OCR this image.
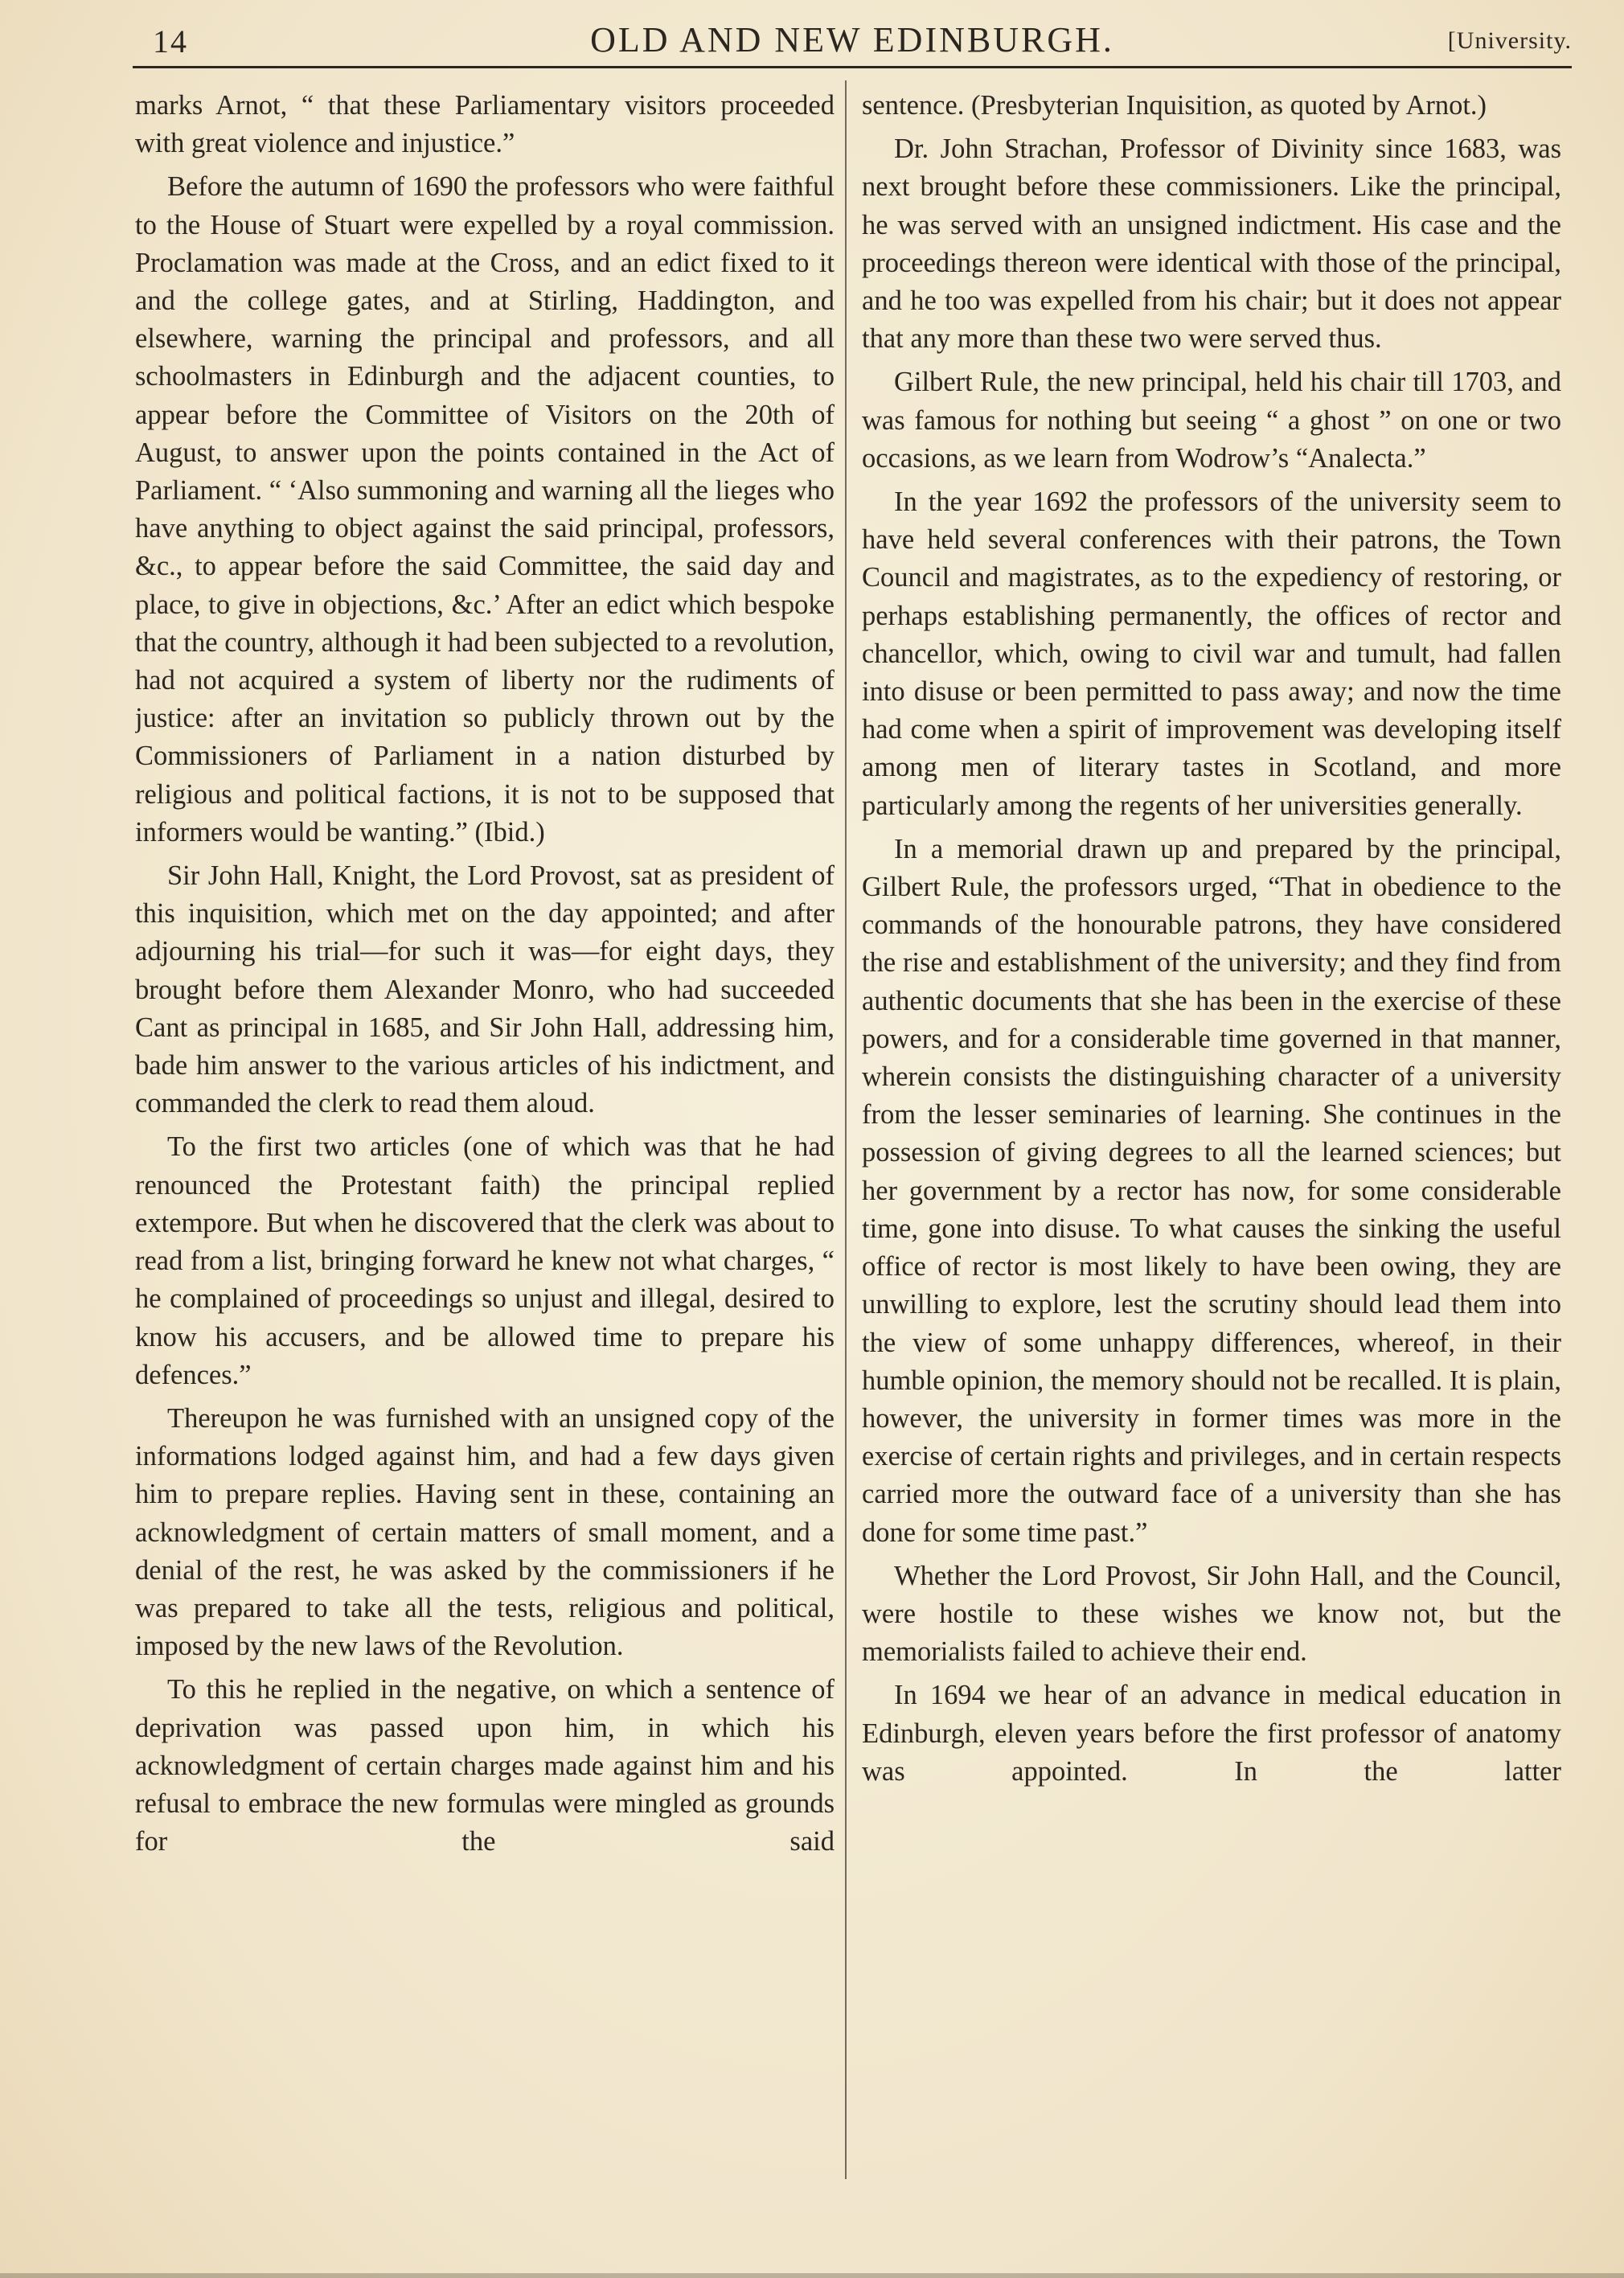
14	OLD AND NEW EDINBURGH.	[University.

marks Arnot, “ that these Parliamentary visitors proceeded with great violence and injustice.”

Before the autumn of 1690 the professors who were faithful to the House of Stuart were expelled by a royal commission. Proclamation was made at the Cross, and an edict fixed to it and the college gates, and at Stirling, Haddington, and elsewhere, warning the principal and professors, and all schoolmasters in Edinburgh and the adjacent counties, to appear before the Committee of Visitors on the 20th of August, to answer upon the points contained in the Act of Parliament. “ ‘Also summoning and warning all the lieges who have anything to object against the said principal, professors, &c., to appear before the said Committee, the said day and place, to give in objections, &c.’ After an edict which bespoke that the country, although it had been subjected to a revolution, had not acquired a system of liberty nor the rudiments of justice: after an invitation so publicly thrown out by the Commissioners of Parliament in a nation disturbed by religious and political factions, it is not to be supposed that informers would be wanting.” (Ibid.)

Sir John Hall, Knight, the Lord Provost, sat as president of this inquisition, which met on the day appointed; and after adjourning his trial—for such it was—for eight days, they brought before them Alexander Monro, who had succeeded Cant as principal in 1685, and Sir John Hall, addressing him, bade him answer to the various articles of his indictment, and commanded the clerk to read them aloud.

To the first two articles (one of which was that he had renounced the Protestant faith) the principal replied extempore. But when he discovered that the clerk was about to read from a list, bringing forward he knew not what charges, “ he complained of proceedings so unjust and illegal, desired to know his accusers, and be allowed time to prepare his defences.”

Thereupon he was furnished with an unsigned copy of the informations lodged against him, and had a few days given him to prepare replies. Having sent in these, containing an acknowledgment of certain matters of small moment, and a denial of the rest, he was asked by the commissioners if he was prepared to take all the tests, religious and political, imposed by the new laws of the Revolution.

To this he replied in the negative, on which a sentence of deprivation was passed upon him, in which his acknowledgment of certain charges made against him and his refusal to embrace the new formulas were mingled as grounds for the said

sentence. (Presbyterian Inquisition, as quoted by Arnot.)

Dr. John Strachan, Professor of Divinity since 1683, was next brought before these commissioners. Like the principal, he was served with an unsigned indictment. His case and the proceedings thereon were identical with those of the principal, and he too was expelled from his chair; but it does not appear that any more than these two were served thus.

Gilbert Rule, the new principal, held his chair till 1703, and was famous for nothing but seeing “ a ghost ” on one or two occasions, as we learn from Wodrow’s “Analecta.”

In the year 1692 the professors of the university seem to have held several conferences with their patrons, the Town Council and magistrates, as to the expediency of restoring, or perhaps establishing permanently, the offices of rector and chancellor, which, owing to civil war and tumult, had fallen into disuse or been permitted to pass away; and now the time had come when a spirit of improvement was developing itself among men of literary tastes in Scotland, and more particularly among the regents of her universities generally.

In a memorial drawn up and prepared by the principal, Gilbert Rule, the professors urged, “That in obedience to the commands of the honourable patrons, they have considered the rise and establishment of the university; and they find from authentic documents that she has been in the exercise of these powers, and for a considerable time governed in that manner, wherein consists the distinguishing character of a university from the lesser seminaries of learning. She continues in the possession of giving degrees to all the learned sciences; but her government by a rector has now, for some considerable time, gone into disuse. To what causes the sinking the useful office of rector is most likely to have been owing, they are unwilling to explore, lest the scrutiny should lead them into the view of some unhappy differences, whereof, in their humble opinion, the memory should not be recalled. It is plain, however, the university in former times was more in the exercise of certain rights and privileges, and in certain respects carried more the outward face of a university than she has done for some time past.”

Whether the Lord Provost, Sir John Hall, and the Council, were hostile to these wishes we know not, but the memorialists failed to achieve their end.

In 1694 we hear of an advance in medical education in Edinburgh, eleven years before the first professor of anatomy was appointed. In the latter
